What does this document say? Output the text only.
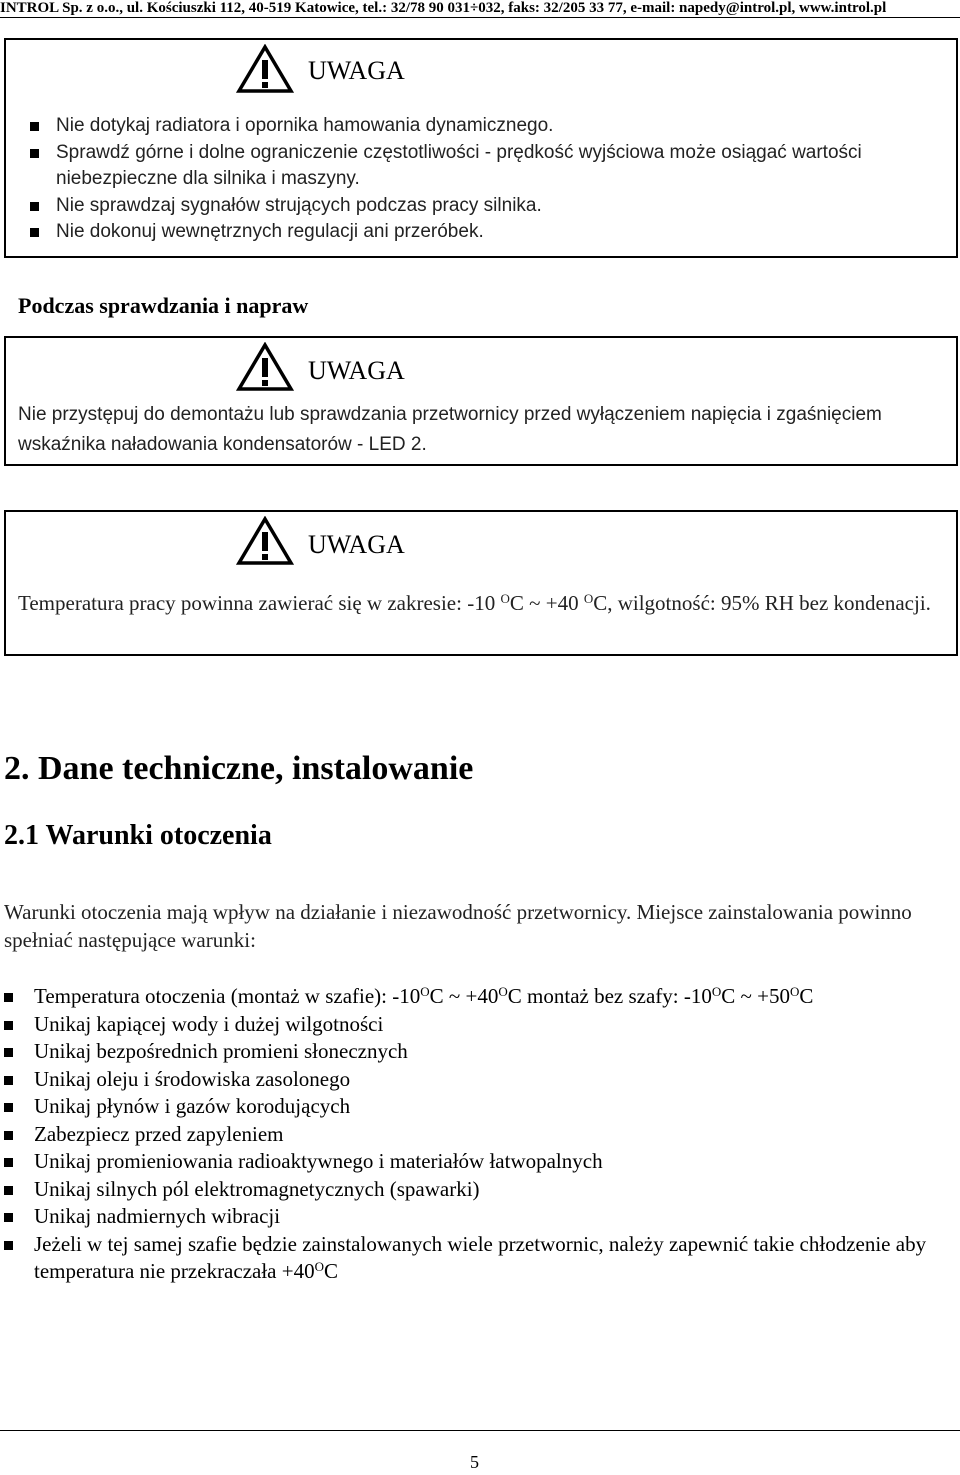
INTROL Sp. z o.o., ul. Kościuszki 112, 40-519 Katowice, tel.: 32/78 90 031÷032, faks: 32/205 33 77, e-mail: napedy@introl.pl, www.introl.pl
UWAGA
Nie dotykaj radiatora i opornika hamowania dynamicznego.
Sprawdź górne i dolne ograniczenie częstotliwości - prędkość wyjściowa może osiągać wartości niebezpieczne dla silnika i maszyny.
Nie sprawdzaj sygnałów strujących podczas pracy silnika.
Nie dokonuj wewnętrznych regulacji ani przeróbek.
Podczas sprawdzania i napraw
UWAGA
Nie przystępuj do demontażu lub sprawdzania przetwornicy przed wyłączeniem napięcia i zgaśnięciem wskaźnika naładowania kondensatorów - LED 2.
UWAGA
Temperatura pracy powinna zawierać się w zakresie: -10 $^O$C ~ +40 $^O$C, wilgotność: 95% RH bez kondenacji.
2. Dane techniczne, instalowanie
2.1 Warunki otoczenia
Warunki otoczenia mają wpływ na działanie i niezawodność przetwornicy. Miejsce zainstalowania powinno spełniać następujące warunki:
Temperatura otoczenia (montaż w szafie): $-10^OC$ ~ $+40^OC$ montaż bez szafy: $-10^OC$ ~ $+50^OC$
Unikaj kapiącej wody i dużej wilgotności
Unikaj bezpośrednich promieni słonecznych
Unikaj oleju i środowiska zasolonego
Unikaj płynów i gazów korodujących
Zabezpiecz przed zapyleniem
Unikaj promieniowania radioaktywnego i materiałów łatwopalnych
Unikaj silnych pól elektromagnetycznych (spawarki)
Unikaj nadmiernych wibracji
Jeżeli w tej samej szafie będzie zainstalowanych wiele przetwornic, należy zapewnić takie chłodzenie aby temperatura nie przekraczała $+40^OC$
5
